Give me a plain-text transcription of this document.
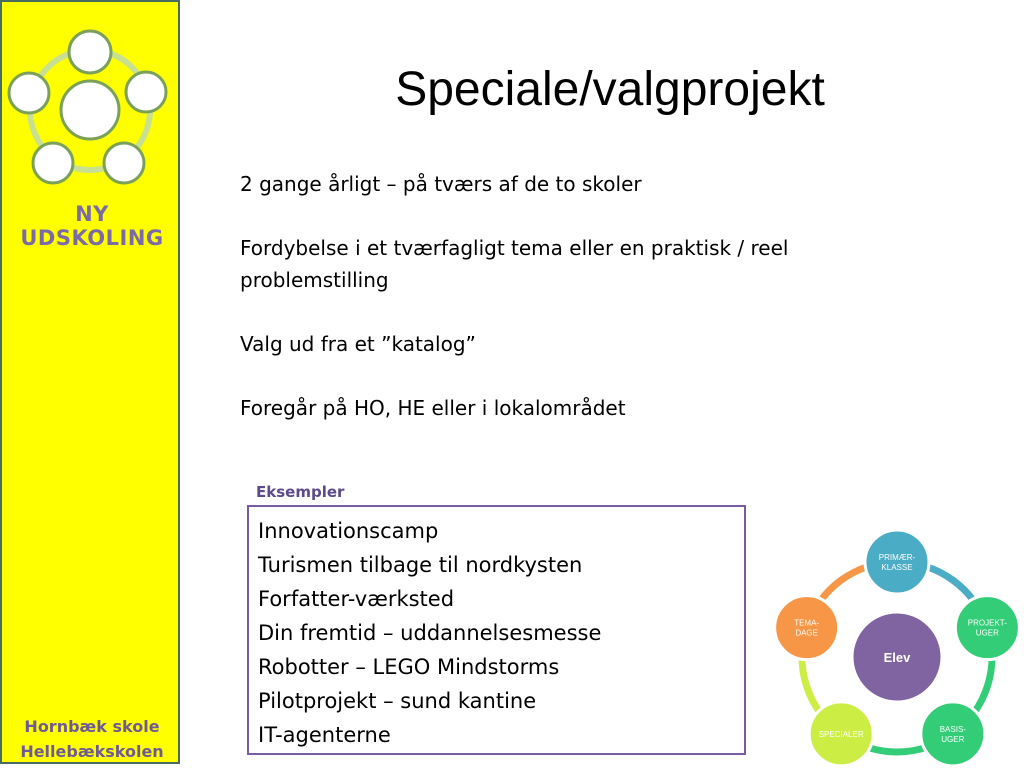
NY UDSKOLING
Hornbæk skole
Hellebækskolen
Speciale/valgprojekt

2 gange årligt – på tværs af de to skoler

Fordybelse i et tværfagligt tema eller en praktisk / reel problemstilling

Valg ud fra et ”katalog”

Foregår på HO, HE eller i lokalområdet

Eksempler
Innovationscamp
Turismen tilbage til nordkysten
Forfatter-værksted
Din fremtid – uddannelsesmesse
Robotter – LEGO Mindstorms
Pilotprojekt – sund kantine
IT-agenterne
Elev
PRIMÆR-
KLASSE
PROJEKT-
UGER
BASIS-
UGER
SPECIALER
TEMA-
DAGE
